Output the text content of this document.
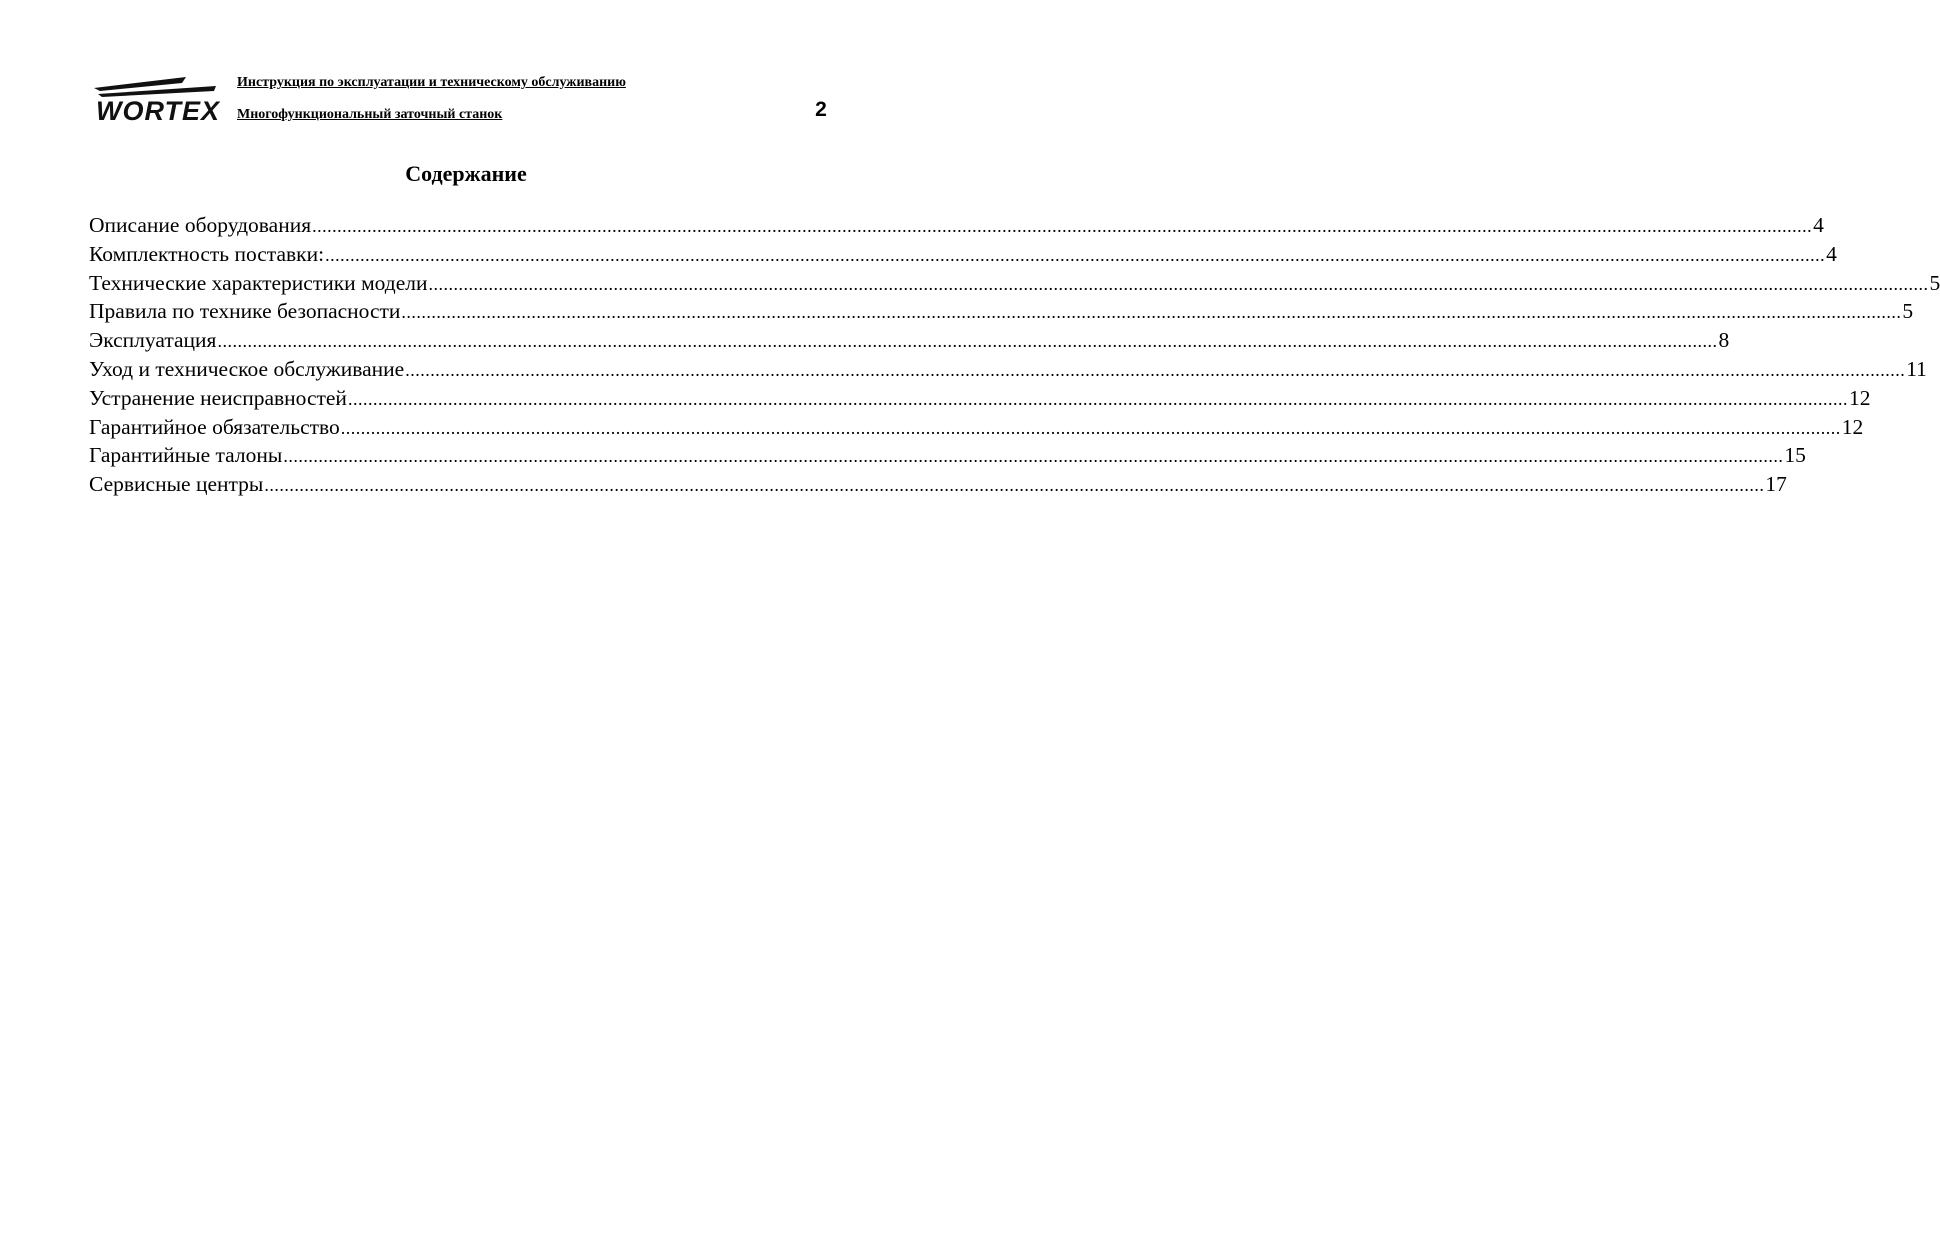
WORTEX
Инструкция по эксплуатации и техническому обслуживанию
Многофункциональный заточный станок	2
Содержание
Описание оборудования ............................................................................................................................................................................................................................................................................................................ 4
Комплектность поставки: ............................................................................................................................................................................................................................................................................................................ 4
Технические характеристики модели ............................................................................................................................................................................................................................................................................................................ 5
Правила по технике безопасности ............................................................................................................................................................................................................................................................................................................ 5
Эксплуатация ............................................................................................................................................................................................................................................................................................................ 8
Уход и техническое обслуживание ............................................................................................................................................................................................................................................................................................................ 11
Устранение неисправностей ............................................................................................................................................................................................................................................................................................................ 12
Гарантийное обязательство ............................................................................................................................................................................................................................................................................................................ 12
Гарантийные талоны ............................................................................................................................................................................................................................................................................................................ 15
Сервисные центры ............................................................................................................................................................................................................................................................................................................ 17
